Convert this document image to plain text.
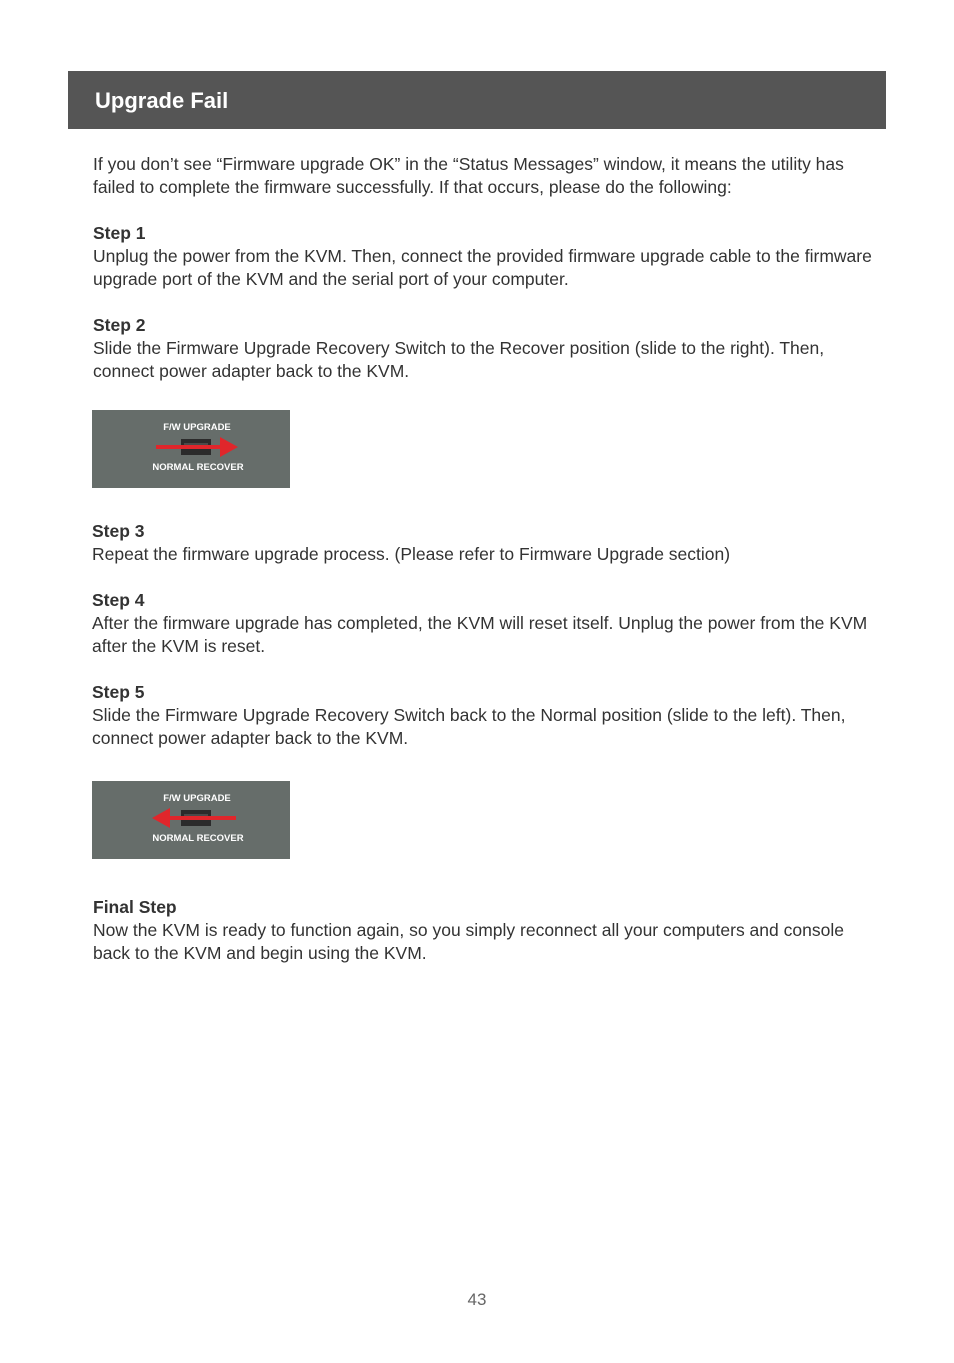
Upgrade Fail

If you don’t see “Firmware upgrade OK” in the “Status Messages” window, it means the utility has failed to complete the firmware successfully. If that occurs, please do the following:

Step 1
Unplug the power from the KVM. Then, connect the provided firmware upgrade cable to the firmware upgrade port of the KVM and the serial port of your computer.
Step 2
Slide the Firmware Upgrade Recovery Switch to the Recover position (slide to the right). Then, connect power adapter back to the KVM.
F/W UPGRADE
NORMAL RECOVER
Step 3
Repeat the firmware upgrade process. (Please refer to Firmware Upgrade section)
Step 4
After the firmware upgrade has completed, the KVM will reset itself. Unplug the power from the KVM after the KVM is reset.
Step 5
Slide the Firmware Upgrade Recovery Switch back to the Normal position (slide to the left). Then, connect power adapter back to the KVM.
F/W UPGRADE
NORMAL RECOVER
Final Step
Now the KVM is ready to function again, so you simply reconnect all your computers and console back to the KVM and begin using the KVM.
43
